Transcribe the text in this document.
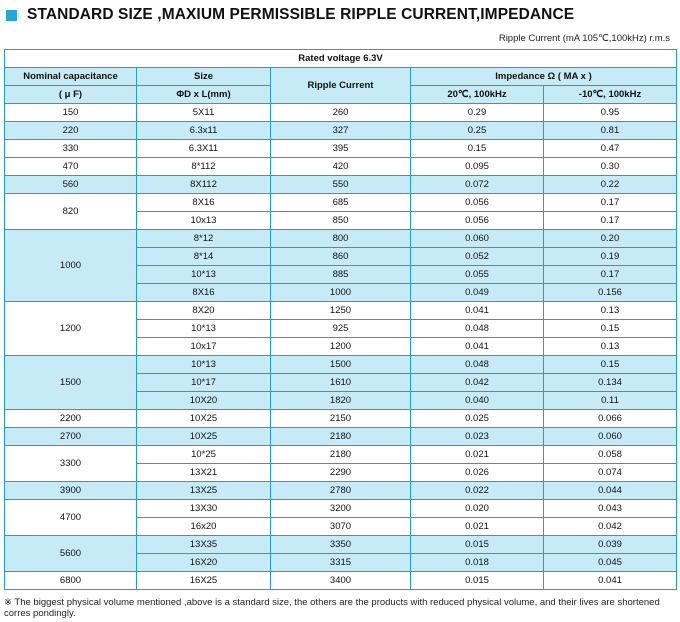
STANDARD SIZE ,MAXIUM PERMISSIBLE RIPPLE CURRENT,IMPEDANCE
Ripple Current (mA 105℃,100kHz) r.m.s
Rated voltage 6.3V				
Nominal capacitance	Size	Ripple Current	Impedance Ω ( MA x )	
( μ F)	ΦD x L(mm)		20℃, 100kHz	-10℃, 100kHz
150	5X11	260	0.29	0.95
220	6.3x11	327	0.25	0.81
330	6.3X11	395	0.15	0.47
470	8*112	420	0.095	0.30
560	8X112	550	0.072	0.22
820	8X16	685	0.056	0.17
	10x13	850	0.056	0.17
1000	8*12	800	0.060	0.20
	8*14	860	0.052	0.19
	10*13	885	0.055	0.17
	8X16	1000	0.049	0.156
1200	8X20	1250	0.041	0.13
	10*13	925	0.048	0.15
	10x17	1200	0.041	0.13
1500	10*13	1500	0.048	0.15
	10*17	1610	0.042	0.134
	10X20	1820	0.040	0.11
2200	10X25	2150	0.025	0.066
2700	10X25	2180	0.023	0.060
3300	10*25	2180	0.021	0.058
	13X21	2290	0.026	0.074
3900	13X25	2780	0.022	0.044
4700	13X30	3200	0.020	0.043
	16x20	3070	0.021	0.042
5600	13X35	3350	0.015	0.039
	16X20	3315	0.018	0.045
6800	16X25	3400	0.015	0.041
※ The biggest physical volume mentioned ,above is a standard size, the others are the products with reduced physical volume, and their lives are shortened corres pondingly.
